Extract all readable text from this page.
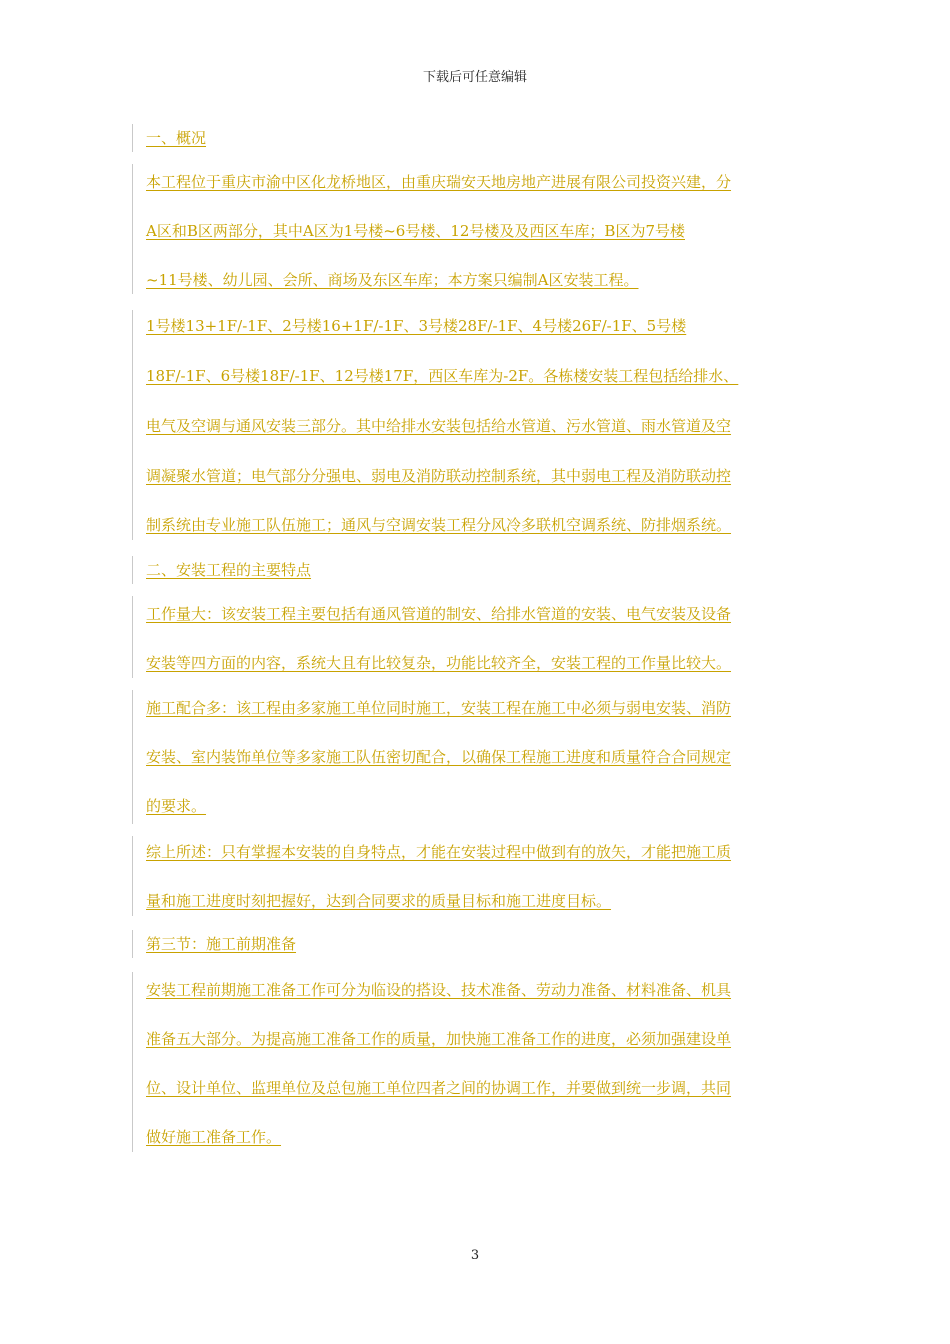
下载后可任意编辑
一、概况
本工程位于重庆市渝中区化龙桥地区，由重庆瑞安天地房地产进展有限公司投资兴建，分
A区和B区两部分，其中A区为1号楼~6号楼、12号楼及及西区车库；B区为7号楼
~11号楼、幼儿园、会所、商场及东区车库；本方案只编制A区安装工程。
1号楼13+1F/-1F、2号楼16+1F/-1F、3号楼28F/-1F、4号楼26F/-1F、5号楼
18F/-1F、6号楼18F/-1F、12号楼17F，西区车库为-2F。各栋楼安装工程包括给排水、
电气及空调与通风安装三部分。其中给排水安装包括给水管道、污水管道、雨水管道及空
调凝聚水管道；电气部分分强电、弱电及消防联动控制系统，其中弱电工程及消防联动控
制系统由专业施工队伍施工；通风与空调安装工程分风冷多联机空调系统、防排烟系统。
二、安装工程的主要特点
工作量大：该安装工程主要包括有通风管道的制安、给排水管道的安装、电气安装及设备
安装等四方面的内容，系统大且有比较复杂，功能比较齐全，安装工程的工作量比较大。
施工配合多：该工程由多家施工单位同时施工，安装工程在施工中必须与弱电安装、消防
安装、室内装饰单位等多家施工队伍密切配合，以确保工程施工进度和质量符合合同规定
的要求。
综上所述：只有掌握本安装的自身特点，才能在安装过程中做到有的放矢，才能把施工质
量和施工进度时刻把握好，达到合同要求的质量目标和施工进度目标。
第三节：施工前期准备
安装工程前期施工准备工作可分为临设的搭设、技术准备、劳动力准备、材料准备、机具
准备五大部分。为提高施工准备工作的质量，加快施工准备工作的进度，必须加强建设单
位、设计单位、监理单位及总包施工单位四者之间的协调工作，并要做到统一步调，共同
做好施工准备工作。
3
